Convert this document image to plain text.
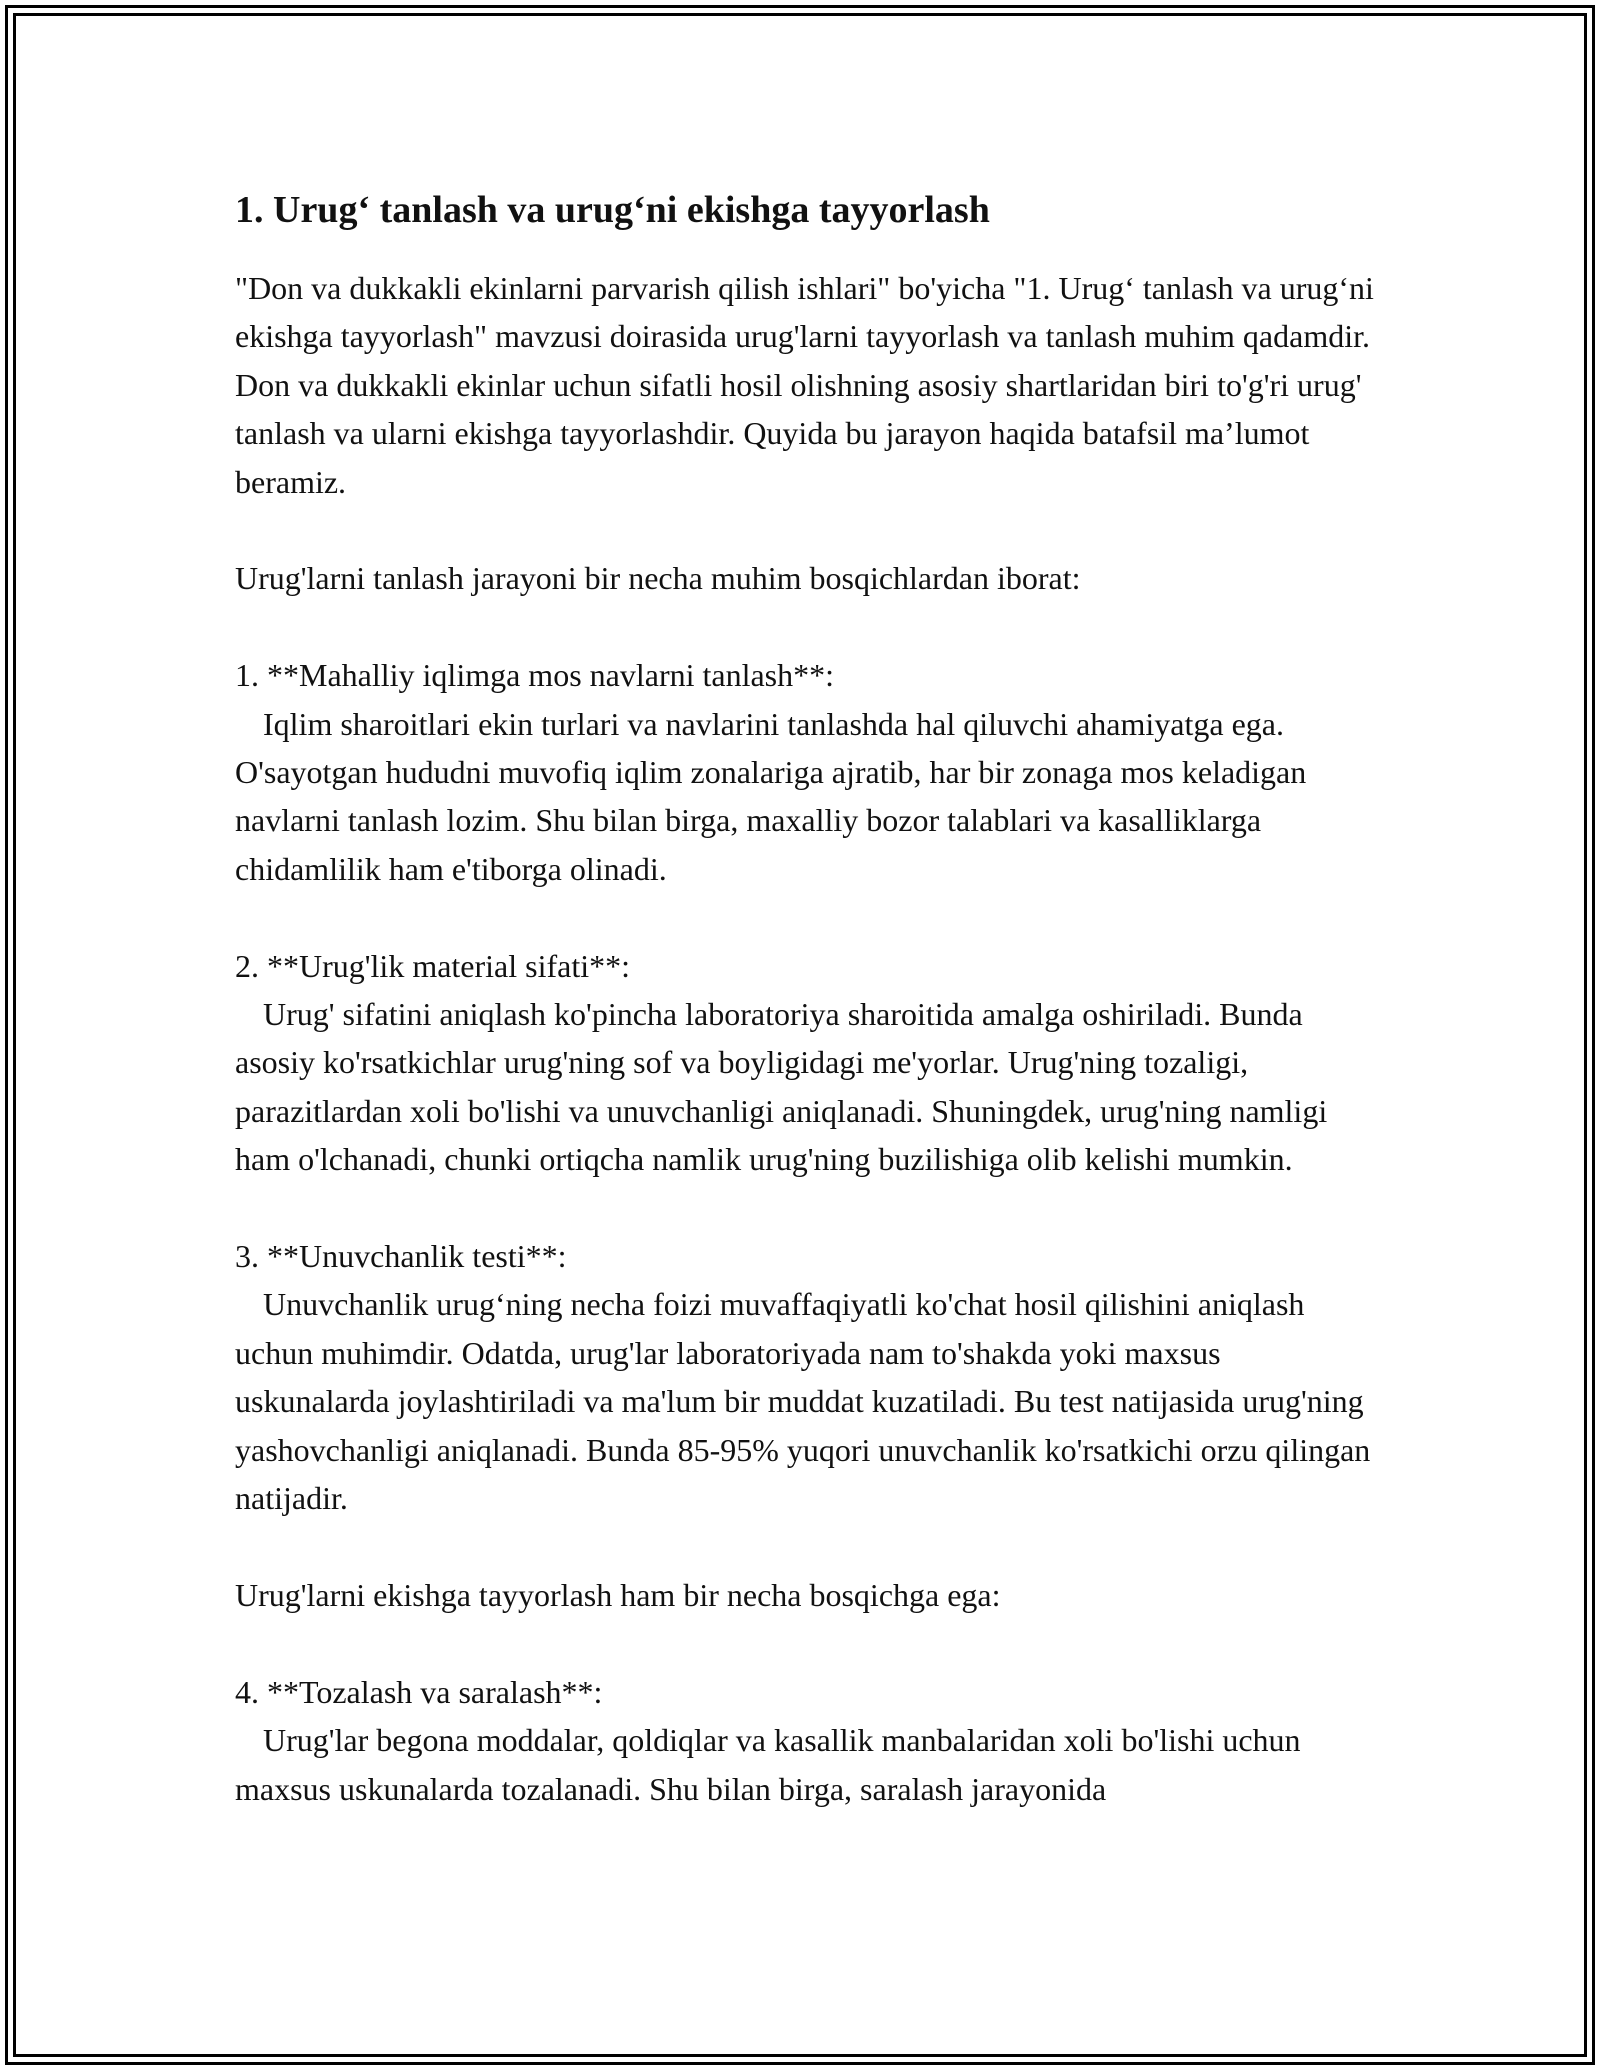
1. Urug‘ tanlash va urug‘ni ekishga tayyorlash

"Don va dukkakli ekinlarni parvarish qilish ishlari" bo'yicha "1. Urug‘ tanlash va urug‘ni ekishga tayyorlash" mavzusi doirasida urug'larni tayyorlash va tanlash muhim qadamdir. Don va dukkakli ekinlar uchun sifatli hosil olishning asosiy shartlaridan biri to'g'ri urug' tanlash va ularni ekishga tayyorlashdir. Quyida bu jarayon haqida batafsil ma’lumot beramiz.

Urug'larni tanlash jarayoni bir necha muhim bosqichlardan iborat:

1. **Mahalliy iqlimga mos navlarni tanlash**:
Iqlim sharoitlari ekin turlari va navlarini tanlashda hal qiluvchi ahamiyatga ega. O'sayotgan hududni muvofiq iqlim zonalariga ajratib, har bir zonaga mos keladigan navlarni tanlash lozim. Shu bilan birga, maxalliy bozor talablari va kasalliklarga chidamlilik ham e'tiborga olinadi.
2. **Urug'lik material sifati**:
Urug' sifatini aniqlash ko'pincha laboratoriya sharoitida amalga oshiriladi. Bunda asosiy ko'rsatkichlar urug'ning sof va boyligidagi me'yorlar. Urug'ning tozaligi, parazitlardan xoli bo'lishi va unuvchanligi aniqlanadi. Shuningdek, urug'ning namligi ham o'lchanadi, chunki ortiqcha namlik urug'ning buzilishiga olib kelishi mumkin.
3. **Unuvchanlik testi**:
Unuvchanlik urug‘ning necha foizi muvaffaqiyatli ko'chat hosil qilishini aniqlash uchun muhimdir. Odatda, urug'lar laboratoriyada nam to'shakda yoki maxsus uskunalarda joylashtiriladi va ma'lum bir muddat kuzatiladi. Bu test natijasida urug'ning yashovchanligi aniqlanadi. Bunda 85-95% yuqori unuvchanlik ko'rsatkichi orzu qilingan natijadir.

Urug'larni ekishga tayyorlash ham bir necha bosqichga ega:

4. **Tozalash va saralash**:
Urug'lar begona moddalar, qoldiqlar va kasallik manbalaridan xoli bo'lishi uchun maxsus uskunalarda tozalanadi. Shu bilan birga, saralash jarayonida
